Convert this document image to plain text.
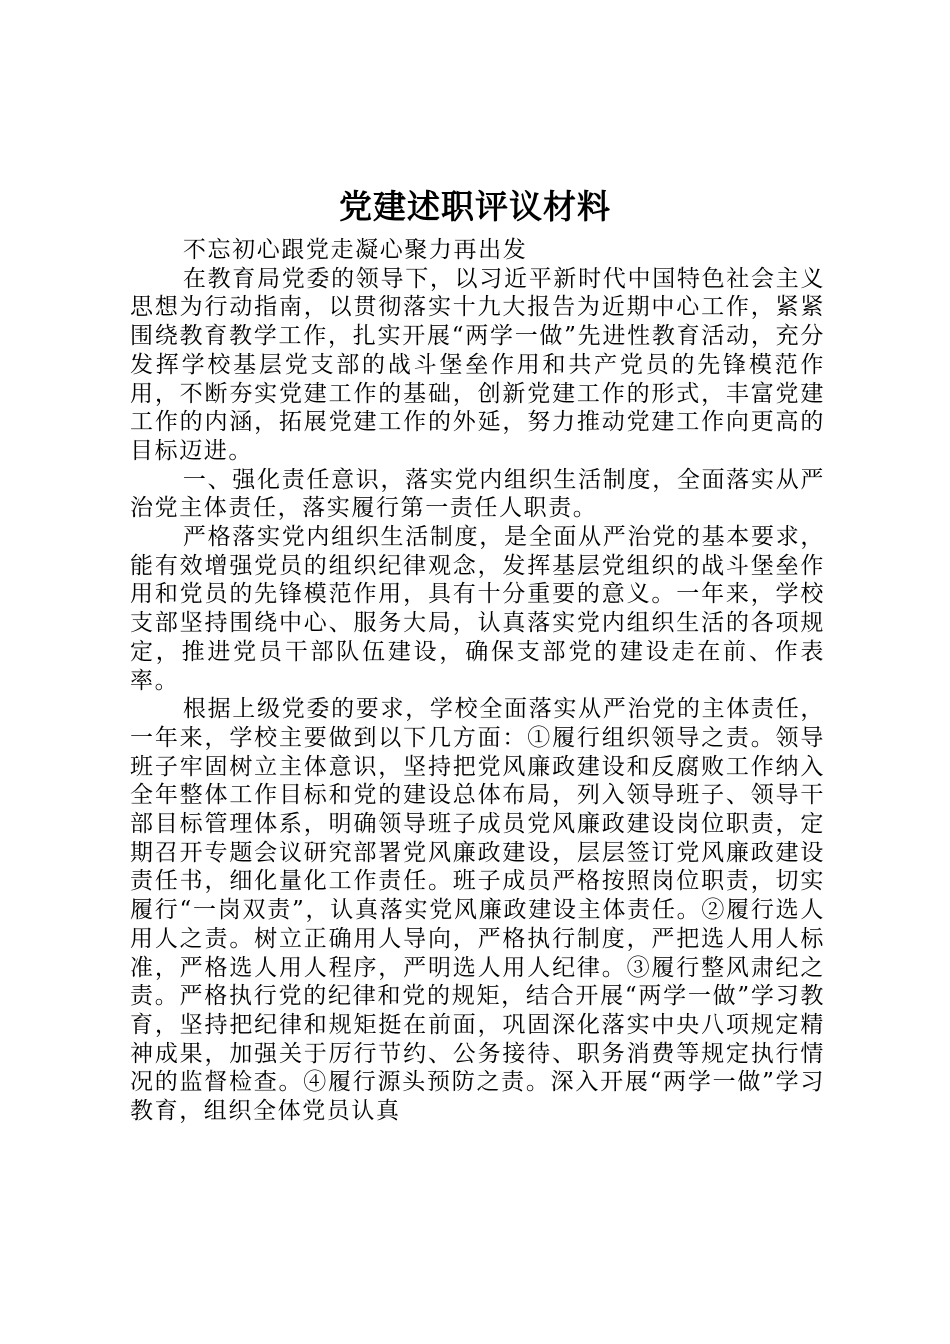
党建述职评议材料

不忘初心跟党走凝心聚力再出发

在教育局党委的领导下，以习近平新时代中国特色社会主义思想为行动指南，以贯彻落实十九大报告为近期中心工作，紧紧围绕教育教学工作，扎实开展“两学一做”先进性教育活动，充分发挥学校基层党支部的战斗堡垒作用和共产党员的先锋模范作用，不断夯实党建工作的基础，创新党建工作的形式，丰富党建工作的内涵，拓展党建工作的外延，努力推动党建工作向更高的目标迈进。

一、强化责任意识，落实党内组织生活制度，全面落实从严治党主体责任，落实履行第一责任人职责。

严格落实党内组织生活制度，是全面从严治党的基本要求，能有效增强党员的组织纪律观念，发挥基层党组织的战斗堡垒作用和党员的先锋模范作用，具有十分重要的意义。一年来，学校支部坚持围绕中心、服务大局，认真落实党内组织生活的各项规定，推进党员干部队伍建设，确保支部党的建设走在前、作表率。

根据上级党委的要求，学校全面落实从严治党的主体责任，一年来，学校主要做到以下几方面：①履行组织领导之责。领导班子牢固树立主体意识，坚持把党风廉政建设和反腐败工作纳入全年整体工作目标和党的建设总体布局，列入领导班子、领导干部目标管理体系，明确领导班子成员党风廉政建设岗位职责，定期召开专题会议研究部署党风廉政建设，层层签订党风廉政建设责任书，细化量化工作责任。班子成员严格按照岗位职责，切实履行“一岗双责”，认真落实党风廉政建设主体责任。②履行选人用人之责。树立正确用人导向，严格执行制度，严把选人用人标准，严格选人用人程序，严明选人用人纪律。③履行整风肃纪之责。严格执行党的纪律和党的规矩，结合开展“两学一做”学习教育，坚持把纪律和规矩挺在前面，巩固深化落实中央八项规定精神成果，加强关于厉行节约、公务接待、职务消费等规定执行情况的监督检查。④履行源头预防之责。深入开展“两学一做”学习教育，组织全体党员认真
